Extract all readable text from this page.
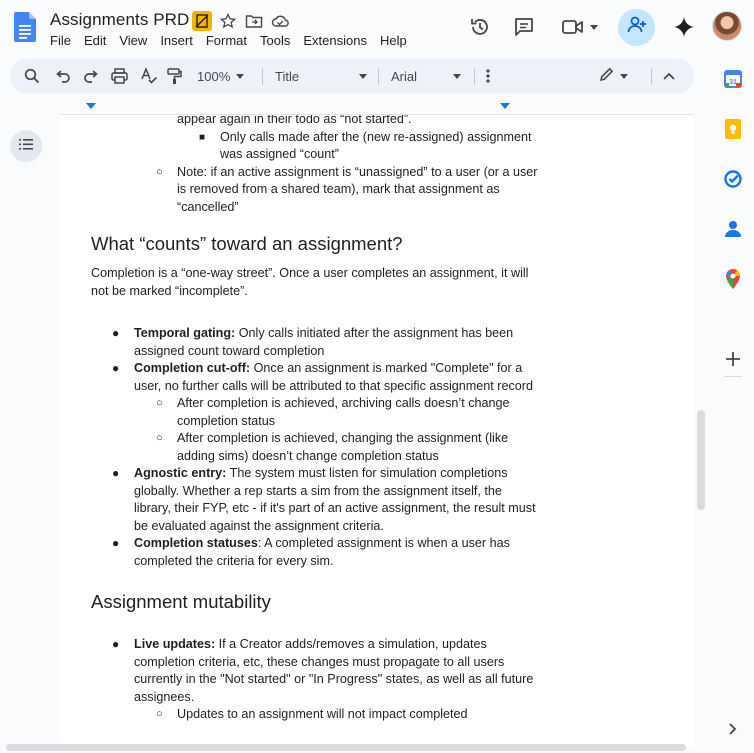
Assignments PRD
File	Edit	View	Insert	Format	Tools	Extensions	Help
100%	Title	Arial

appear again in their todo as “not started”.

■ Only calls made after the (new re-assigned) assignment was assigned “count”

○ Note: if an active assignment is “unassigned” to a user (or a user is removed from a shared team), mark that assignment as “cancelled”

What “counts” toward an assignment?

Completion is a “one-way street”. Once a user completes an assignment, it will not be marked “incomplete”.

● Temporal gating: Only calls initiated after the assignment has been assigned count toward completion

● Completion cut-off: Once an assignment is marked "Complete" for a user, no further calls will be attributed to that specific assignment record

○ After completion is achieved, archiving calls doesn’t change completion status

○ After completion is achieved, changing the assignment (like adding sims) doesn’t change completion status

● Agnostic entry: The system must listen for simulation completions globally. Whether a rep starts a sim from the assignment itself, the library, their FYP, etc - if it's part of an active assignment, the result must be evaluated against the assignment criteria.

● Completion statuses: A completed assignment is when a user has completed the criteria for every sim.

Assignment mutability

● Live updates: If a Creator adds/removes a simulation, updates completion criteria, etc, these changes must propagate to all users currently in the "Not started" or "In Progress" states, as well as all future assignees.

○ Updates to an assignment will not impact completed

31
